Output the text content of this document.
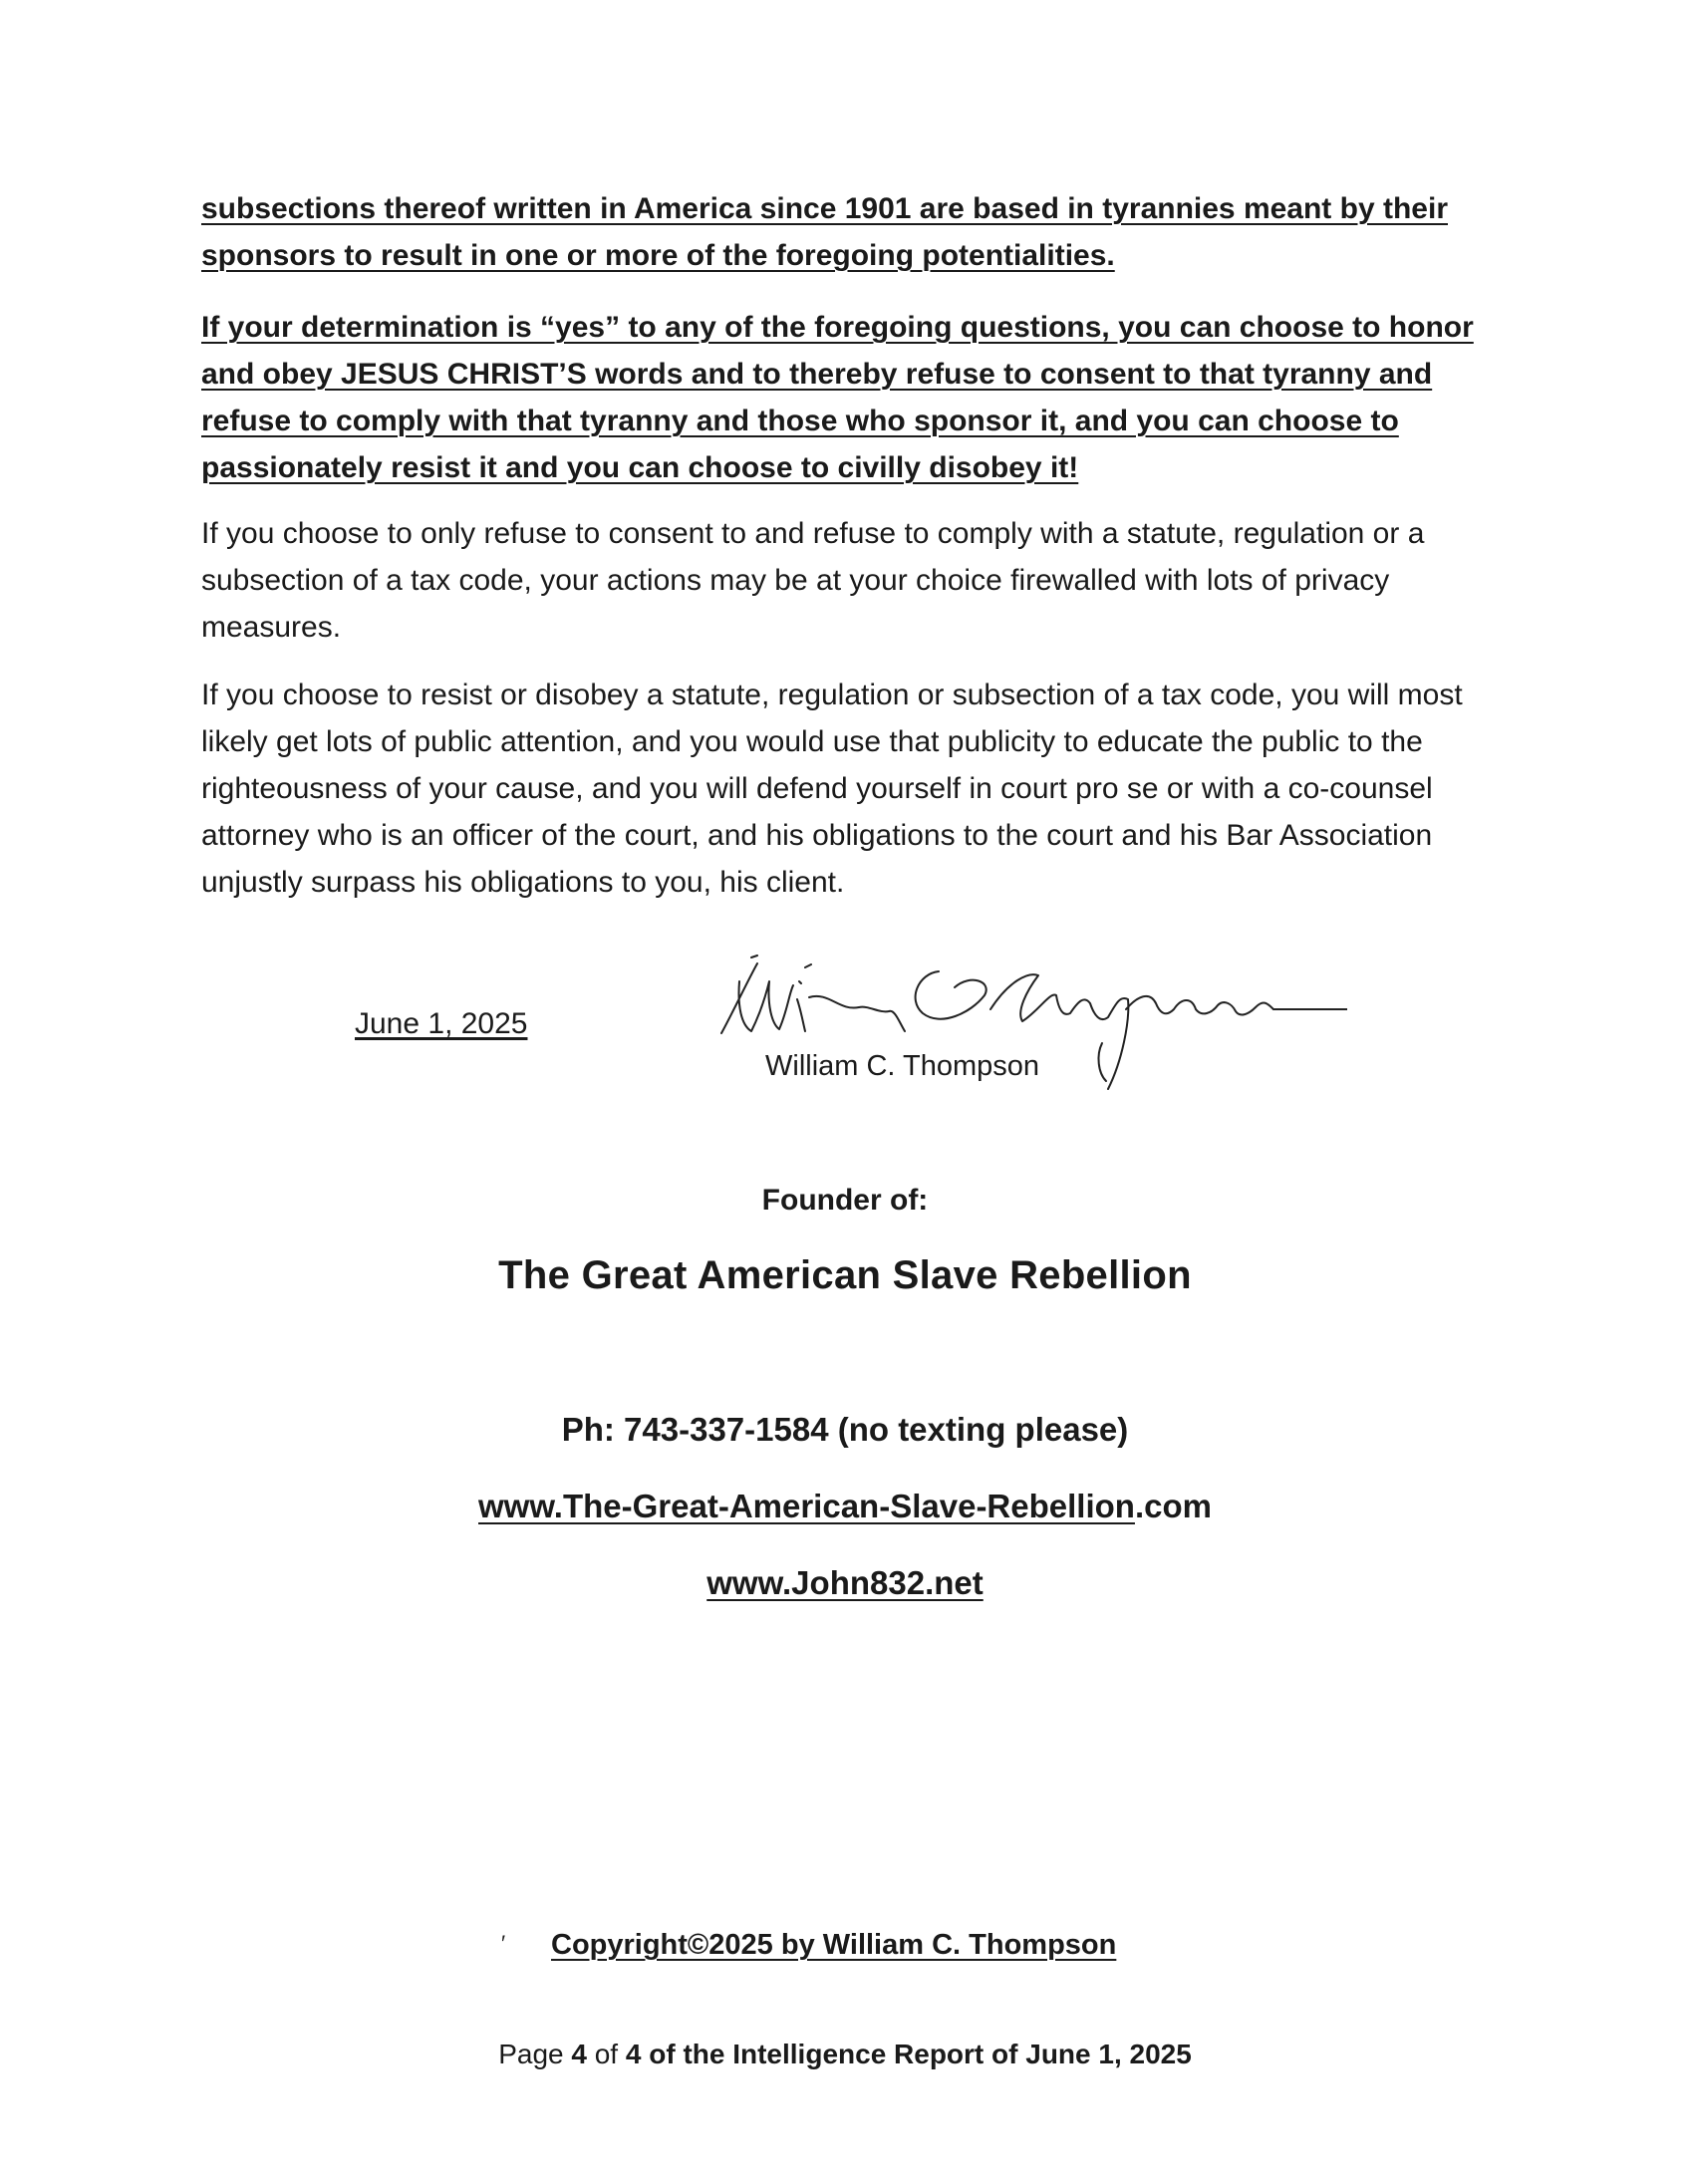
subsections thereof written in America since 1901 are based in tyrannies meant by their sponsors to result in one or more of the foregoing potentialities.

If your determination is “yes” to any of the foregoing questions, you can choose to honor and obey JESUS CHRIST’S words and to thereby refuse to consent to that tyranny and refuse to comply with that tyranny and those who sponsor it, and you can choose to passionately resist it and you can choose to civilly disobey it!

If you choose to only refuse to consent to and refuse to comply with a statute, regulation or a subsection of a tax code, your actions may be at your choice firewalled with lots of privacy measures.

If you choose to resist or disobey a statute, regulation or subsection of a tax code, you will most likely get lots of public attention, and you would use that publicity to educate the public to the righteousness of your cause, and you will defend yourself in court pro se or with a co-counsel attorney who is an officer of the court, and his obligations to the court and his Bar Association unjustly surpass his obligations to you, his client.

June 1, 2025
William C. Thompson

Founder of:

The Great American Slave Rebellion

Ph: 743-337-1584 (no texting please)

www.The-Great-American-Slave-Rebellion.com

www.John832.net

′ Copyright©2025 by William C. Thompson
Page 4 of 4 of the Intelligence Report of June 1, 2025
